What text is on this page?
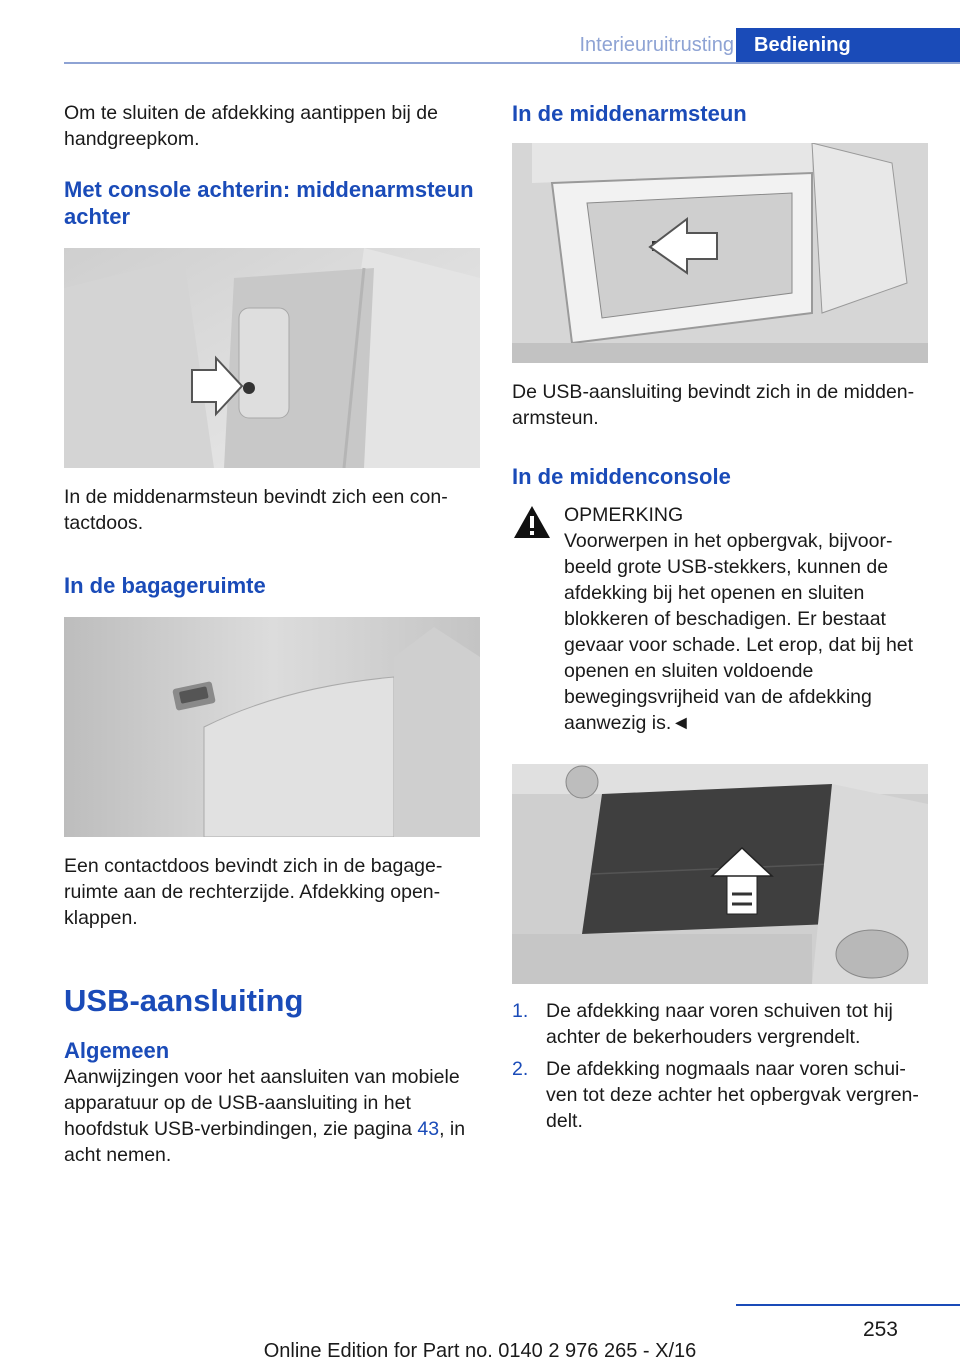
Interieuruitrusting Bediening

Om te sluiten de afdekking aantippen bij de handgreepkom.

Met console achterin: middenarmsteun achter

In de middenarmsteun bevindt zich een contactdoos.

In de bagageruimte

Een contactdoos bevindt zich in de bagageruimte aan de rechterzijde. Afdekking openklappen.

USB-aansluiting
Algemeen

Aanwijzingen voor het aansluiten van mobiele apparatuur op de USB-aansluiting in het hoofdstuk USB-verbindingen, zie pagina 43, in acht nemen.

In de middenarmsteun

De USB-aansluiting bevindt zich in de middenarmsteun.

In de middenconsole

OPMERKING

Voorwerpen in het opbergvak, bijvoorbeeld grote USB-stekkers, kunnen de afdekking bij het openen en sluiten blokkeren of beschadigen. Er bestaat gevaar voor schade. Let erop, dat bij het openen en sluiten voldoende bewegingsvrijheid van de afdekking aanwezig is.◄

1. De afdekking naar voren schuiven tot hij achter de bekerhouders vergrendelt.
2. De afdekking nogmaals naar voren schuiven tot deze achter het opbergvak vergrendelt.
253
Online Edition for Part no. 0140 2 976 265 - X/16
